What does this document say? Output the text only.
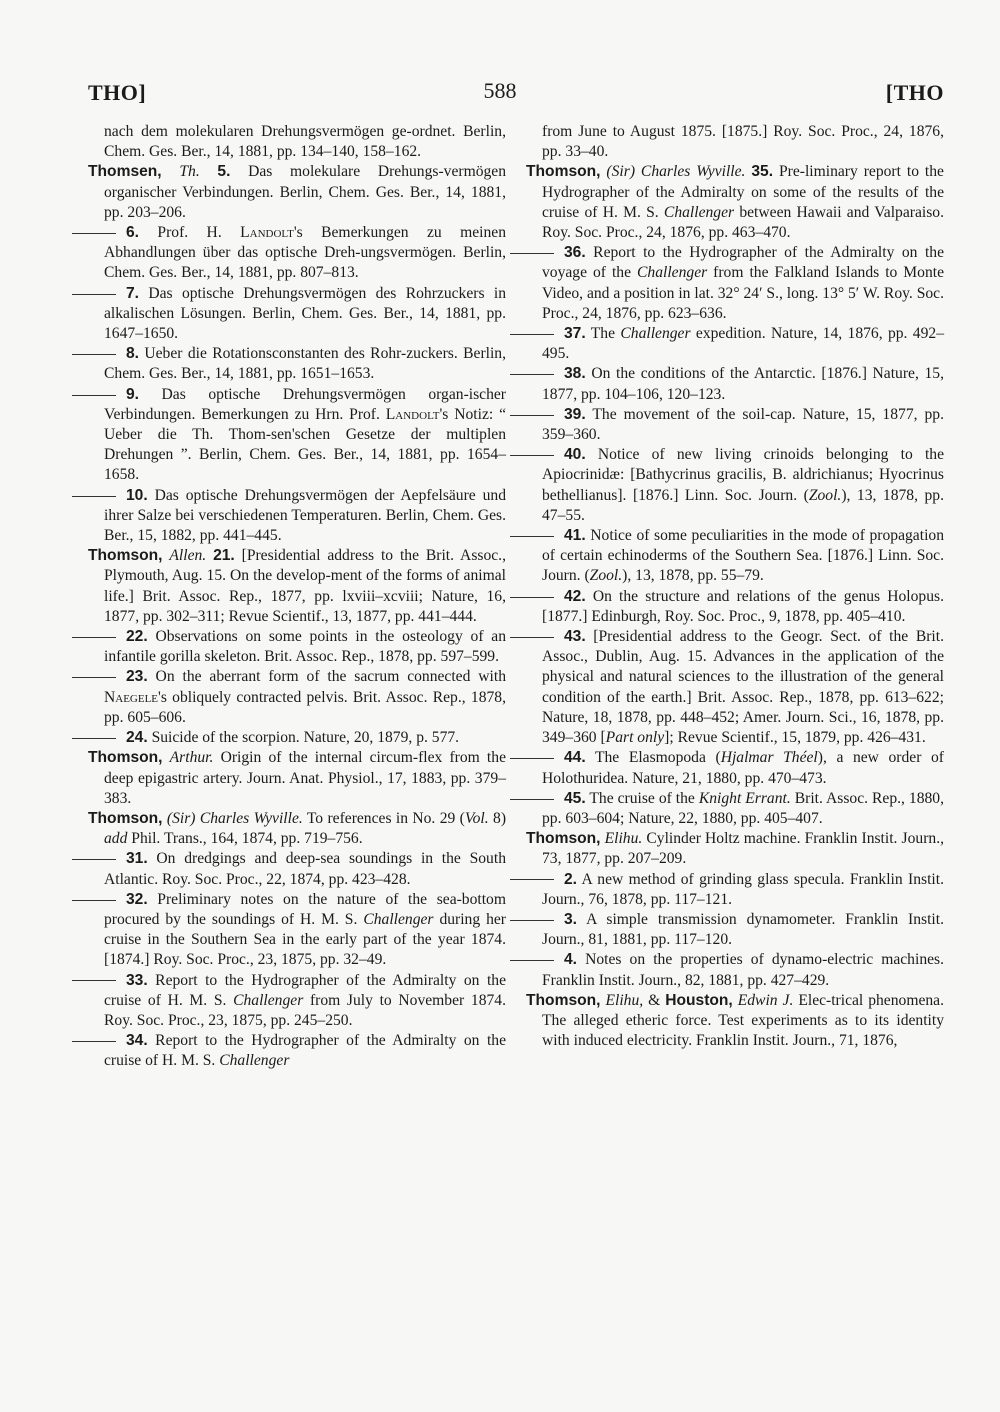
THO]	588	[THO

nach dem molekularen Drehungsvermögen ge-ordnet. Berlin, Chem. Ges. Ber., 14, 1881, pp. 134–140, 158–162.

Thomsen, Th. 5. Das molekulare Drehungs-vermögen organischer Verbindungen. Berlin, Chem. Ges. Ber., 14, 1881, pp. 203–206.

6. Prof. H. Landolt's Bemerkungen zu meinen Abhandlungen über das optische Dreh-ungsvermögen. Berlin, Chem. Ges. Ber., 14, 1881, pp. 807–813.

7. Das optische Drehungsvermögen des Rohrzuckers in alkalischen Lösungen. Berlin, Chem. Ges. Ber., 14, 1881, pp. 1647–1650.

8. Ueber die Rotationsconstanten des Rohr-zuckers. Berlin, Chem. Ges. Ber., 14, 1881, pp. 1651–1653.

9. Das optische Drehungsvermögen organ-ischer Verbindungen. Bemerkungen zu Hrn. Prof. Landolt's Notiz: “ Ueber die Th. Thom-sen'schen Gesetze der multiplen Drehungen ”. Berlin, Chem. Ges. Ber., 14, 1881, pp. 1654–1658.

10. Das optische Drehungsvermögen der Aepfelsäure und ihrer Salze bei verschiedenen Temperaturen. Berlin, Chem. Ges. Ber., 15, 1882, pp. 441–445.

Thomson, Allen. 21. [Presidential address to the Brit. Assoc., Plymouth, Aug. 15. On the develop-ment of the forms of animal life.] Brit. Assoc. Rep., 1877, pp. lxviii–xcviii; Nature, 16, 1877, pp. 302–311; Revue Scientif., 13, 1877, pp. 441–444.

22. Observations on some points in the osteology of an infantile gorilla skeleton. Brit. Assoc. Rep., 1878, pp. 597–599.

23. On the aberrant form of the sacrum connected with Naegele's obliquely contracted pelvis. Brit. Assoc. Rep., 1878, pp. 605–606.

24. Suicide of the scorpion. Nature, 20, 1879, p. 577.

Thomson, Arthur. Origin of the internal circum-flex from the deep epigastric artery. Journ. Anat. Physiol., 17, 1883, pp. 379–383.

Thomson, (Sir) Charles Wyville. To references in No. 29 (Vol. 8) add Phil. Trans., 164, 1874, pp. 719–756.

31. On dredgings and deep-sea soundings in the South Atlantic. Roy. Soc. Proc., 22, 1874, pp. 423–428.

32. Preliminary notes on the nature of the sea-bottom procured by the soundings of H. M. S. Challenger during her cruise in the Southern Sea in the early part of the year 1874. [1874.] Roy. Soc. Proc., 23, 1875, pp. 32–49.

33. Report to the Hydrographer of the Admiralty on the cruise of H. M. S. Challenger from July to November 1874. Roy. Soc. Proc., 23, 1875, pp. 245–250.

34. Report to the Hydrographer of the Admiralty on the cruise of H. M. S. Challenger

from June to August 1875. [1875.] Roy. Soc. Proc., 24, 1876, pp. 33–40.

Thomson, (Sir) Charles Wyville. 35. Pre-liminary report to the Hydrographer of the Admiralty on some of the results of the cruise of H. M. S. Challenger between Hawaii and Valparaiso. Roy. Soc. Proc., 24, 1876, pp. 463–470.

36. Report to the Hydrographer of the Admiralty on the voyage of the Challenger from the Falkland Islands to Monte Video, and a position in lat. 32° 24′ S., long. 13° 5′ W. Roy. Soc. Proc., 24, 1876, pp. 623–636.

37. The Challenger expedition. Nature, 14, 1876, pp. 492–495.

38. On the conditions of the Antarctic. [1876.] Nature, 15, 1877, pp. 104–106, 120–123.

39. The movement of the soil-cap. Nature, 15, 1877, pp. 359–360.

40. Notice of new living crinoids belonging to the Apiocrinidæ: [Bathycrinus gracilis, B. aldrichianus; Hyocrinus bethellianus]. [1876.] Linn. Soc. Journ. (Zool.), 13, 1878, pp. 47–55.

41. Notice of some peculiarities in the mode of propagation of certain echinoderms of the Southern Sea. [1876.] Linn. Soc. Journ. (Zool.), 13, 1878, pp. 55–79.

42. On the structure and relations of the genus Holopus. [1877.] Edinburgh, Roy. Soc. Proc., 9, 1878, pp. 405–410.

43. [Presidential address to the Geogr. Sect. of the Brit. Assoc., Dublin, Aug. 15. Advances in the application of the physical and natural sciences to the illustration of the general condition of the earth.] Brit. Assoc. Rep., 1878, pp. 613–622; Nature, 18, 1878, pp. 448–452; Amer. Journ. Sci., 16, 1878, pp. 349–360 [Part only]; Revue Scientif., 15, 1879, pp. 426–431.

44. The Elasmopoda (Hjalmar Théel), a new order of Holothuridea. Nature, 21, 1880, pp. 470–473.

45. The cruise of the Knight Errant. Brit. Assoc. Rep., 1880, pp. 603–604; Nature, 22, 1880, pp. 405–407.

Thomson, Elihu. Cylinder Holtz machine. Franklin Instit. Journ., 73, 1877, pp. 207–209.

2. A new method of grinding glass specula. Franklin Instit. Journ., 76, 1878, pp. 117–121.

3. A simple transmission dynamometer. Franklin Instit. Journ., 81, 1881, pp. 117–120.

4. Notes on the properties of dynamo-electric machines. Franklin Instit. Journ., 82, 1881, pp. 427–429.

Thomson, Elihu, & Houston, Edwin J. Elec-trical phenomena. The alleged etheric force. Test experiments as to its identity with induced electricity. Franklin Instit. Journ., 71, 1876,
